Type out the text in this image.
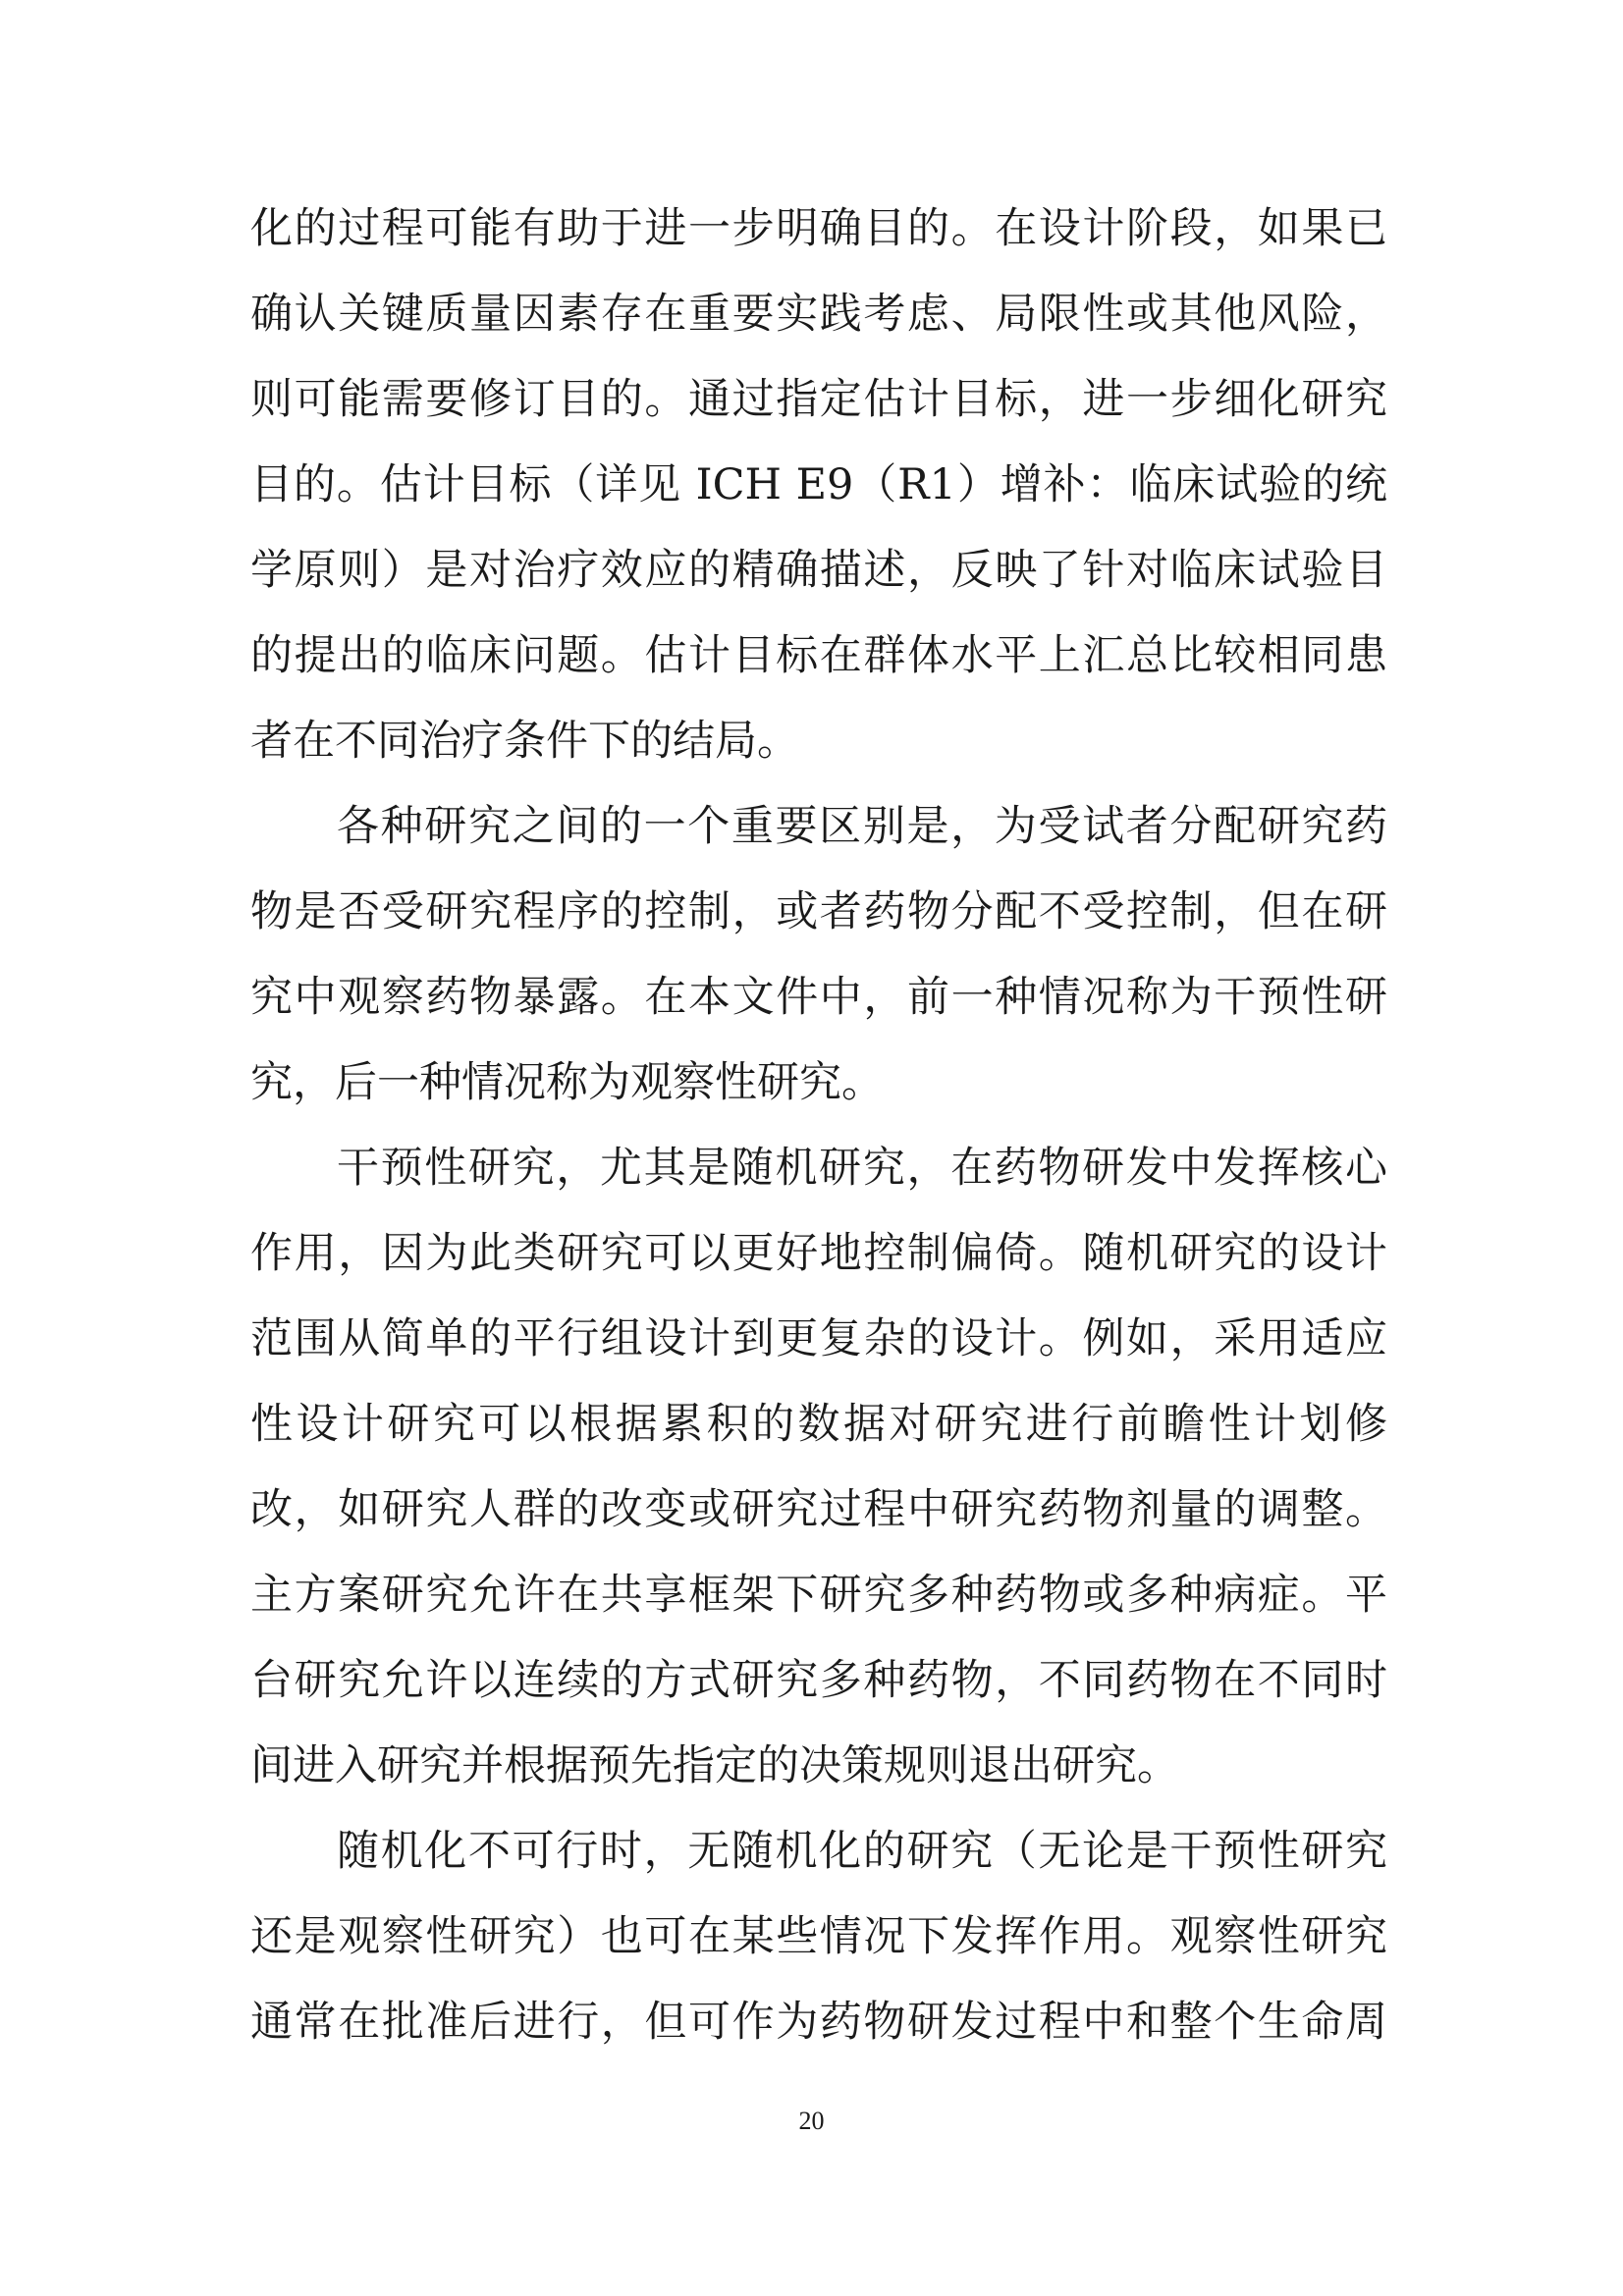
化的过程可能有助于进一步明确目的。在设计阶段，如果已
确认关键质量因素存在重要实践考虑、局限性或其他风险，
则可能需要修订目的。通过指定估计目标，进一步细化研究
目的。估计目标（详见 ICH E9（R1）增补：临床试验的统
学原则）是对治疗效应的精确描述，反映了针对临床试验目
的提出的临床问题。估计目标在群体水平上汇总比较相同患
者在不同治疗条件下的结局。
各种研究之间的一个重要区别是，为受试者分配研究药
物是否受研究程序的控制，或者药物分配不受控制，但在研
究中观察药物暴露。在本文件中，前一种情况称为干预性研
究，后一种情况称为观察性研究。
干预性研究，尤其是随机研究，在药物研发中发挥核心
作用，因为此类研究可以更好地控制偏倚。随机研究的设计
范围从简单的平行组设计到更复杂的设计。例如，采用适应
性设计研究可以根据累积的数据对研究进行前瞻性计划修
改，如研究人群的改变或研究过程中研究药物剂量的调整。
主方案研究允许在共享框架下研究多种药物或多种病症。平
台研究允许以连续的方式研究多种药物，不同药物在不同时
间进入研究并根据预先指定的决策规则退出研究。
随机化不可行时，无随机化的研究（无论是干预性研究
还是观察性研究）也可在某些情况下发挥作用。观察性研究
通常在批准后进行，但可作为药物研发过程中和整个生命周
20
